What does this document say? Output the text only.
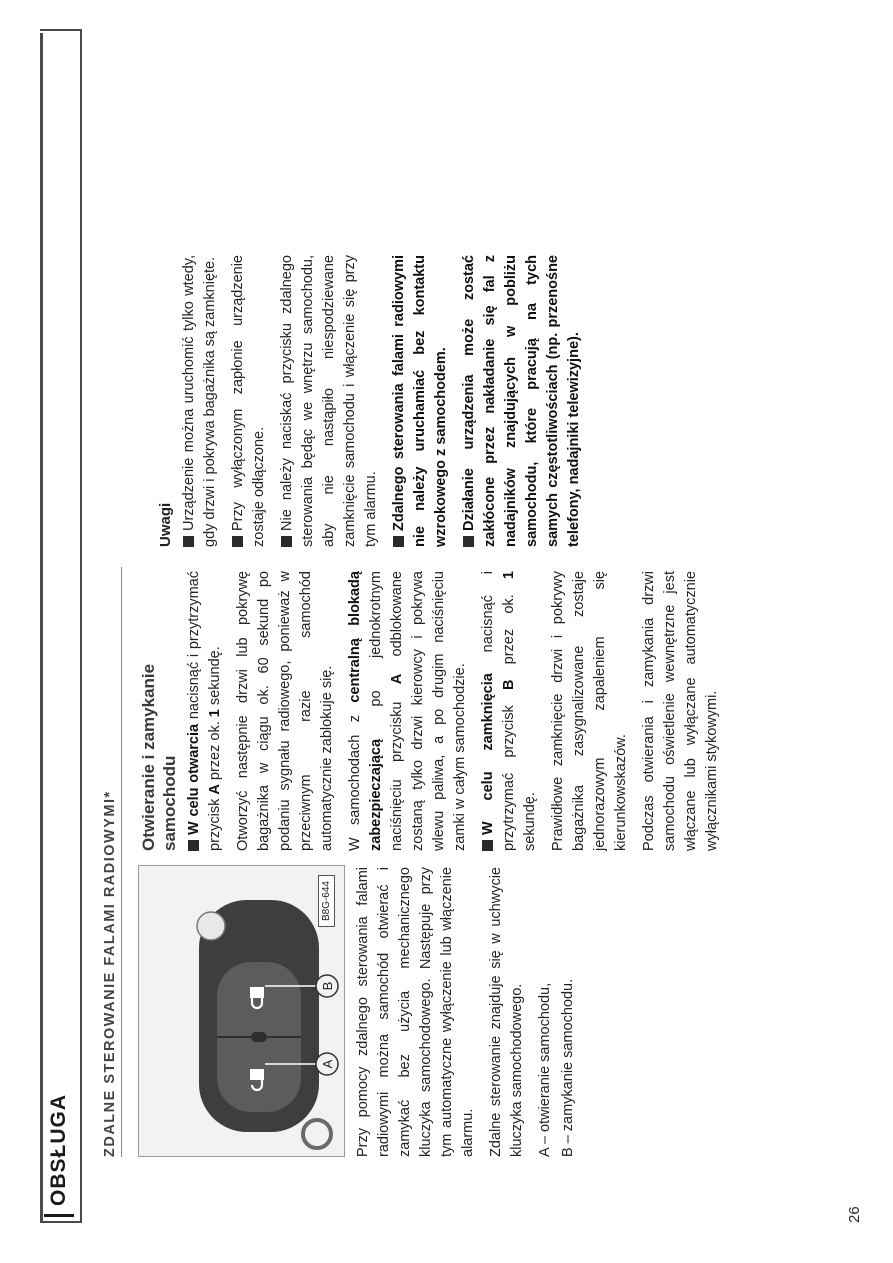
OBSŁUGA ZDALNE STEROWANIE FALAMI RADIOWYMI*	A
B
B8G-644 Przy pomocy zdalnego sterowania falami radiowymi można samochód otwierać i zamykać bez użycia mechanicznego kluczyka samochodowego. Następuje przy tym automatyczne wyłączenie lub włączenie alarmu. Zdalne sterowanie znajduje się w uchwycie kluczyka samochodowego. A – otwieranie samochodu, B – zamykanie samochodu.

Otwieranie i zamykanie samochodu W celu otwarcia nacisnąć i przytrzymać przycisk A przez ok. 1 sekundę. Otworzyć następnie drzwi lub pokrywę bagażnika w ciągu ok. 60 sekund po podaniu sygnału radiowego, ponieważ w przeciwnym razie samochód automatycznie zablokuje się. W samochodach z centralną blokadą zabezpieczającą po jednokrotnym naciśnięciu przycisku A odblokowane zostaną tylko drzwi kierowcy i pokrywa wlewu paliwa, a po drugim naciśnięciu zamki w całym samochodzie. W celu zamknięcia nacisnąć i przytrzymać przycisk B przez ok. 1 sekundę. Prawidłowe zamknięcie drzwi i pokrywy bagażnika zasygnalizowane zostaje jednorazowym zapaleniem się kierunkowskazów. Podczas otwierania i zamykania drzwi samochodu oświetlenie wewnętrzne jest włączane lub wyłączane automatycznie wyłącznikami stykowymi.

Uwagi Urządzenie można uruchomić tylko wtedy, gdy drzwi i pokrywa bagażnika są zamknięte. Przy wyłączonym zapłonie urządzenie zostaje odłączone. Nie należy naciskać przycisku zdalnego sterowania będąc we wnętrzu samochodu, aby nie nastąpiło niespodziewane zamknięcie samochodu i włączenie się przy tym alarmu. Zdalnego sterowania falami radiowymi nie należy uruchamiać bez kontaktu wzrokowego z samochodem. Działanie urządzenia może zostać zakłócone przez nakładanie się fal z nadajników znajdujących w pobliżu samochodu, które pracują na tych samych częstotliwościach (np. przenośne telefony, nadajniki telewizyjne).

26
